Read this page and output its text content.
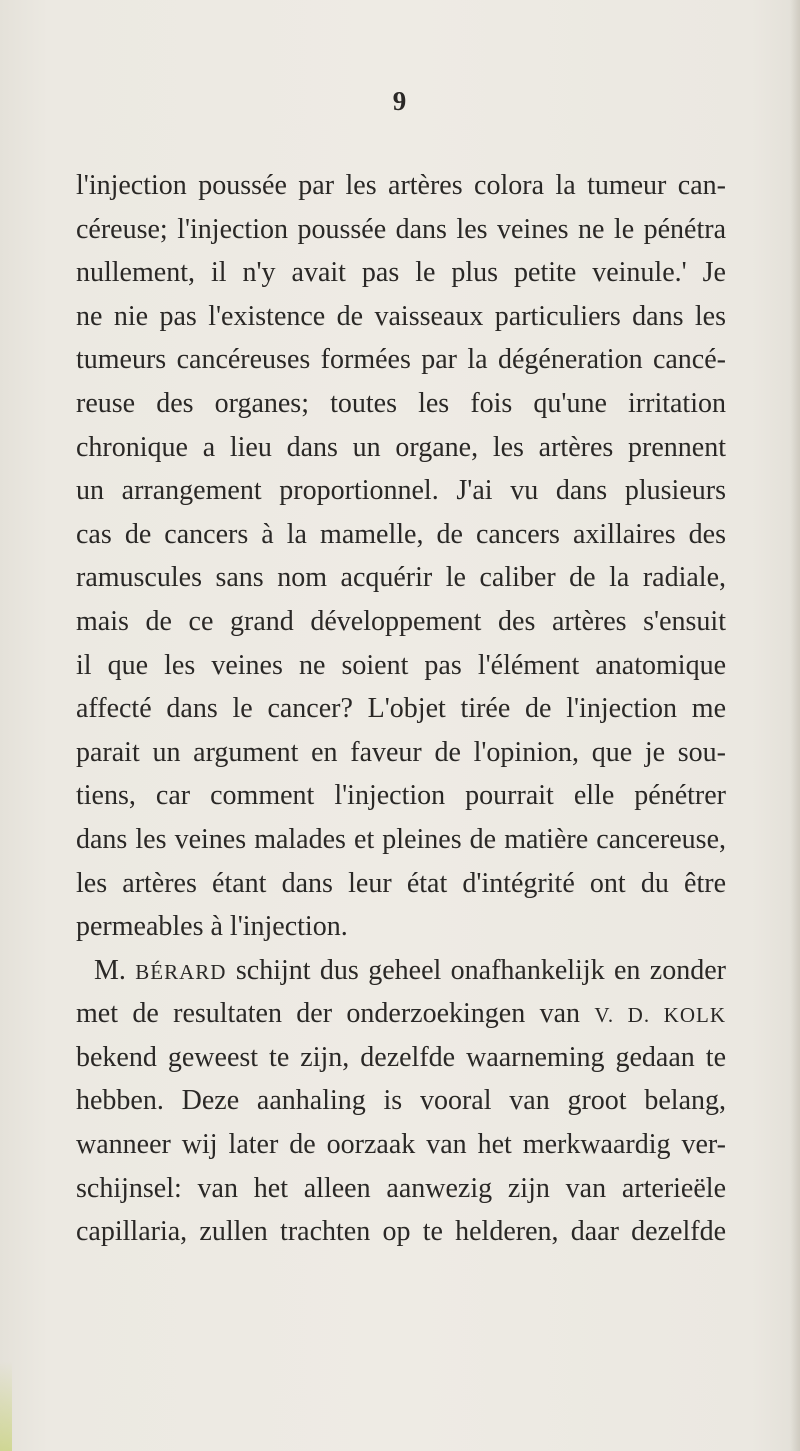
9
l'injection poussée par les artères colora la tumeur can-
céreuse; l'injection poussée dans les veines ne le pénétra
nullement, il n'y avait pas le plus petite veinule.' Je
ne nie pas l'existence de vaisseaux particuliers dans les
tumeurs cancéreuses formées par la dégéneration cancé-
reuse des organes; toutes les fois qu'une irritation
chronique a lieu dans un organe, les artères prennent
un arrangement proportionnel. J'ai vu dans plusieurs
cas de cancers à la mamelle, de cancers axillaires des
ramuscules sans nom acquérir le caliber de la radiale,
mais de ce grand développement des artères s'ensuit
il que les veines ne soient pas l'élément anatomique
affecté dans le cancer? L'objet tirée de l'injection me
parait un argument en faveur de l'opinion, que je sou-
tiens, car comment l'injection pourrait elle pénétrer
dans les veines malades et pleines de matière cancereuse,
les artères étant dans leur état d'intégrité ont du être
permeables à l'injection.
M. BÉRARD schijnt dus geheel onafhankelijk en zonder
met de resultaten der onderzoekingen van V. D. KOLK
bekend geweest te zijn, dezelfde waarneming gedaan te
hebben. Deze aanhaling is vooral van groot belang,
wanneer wij later de oorzaak van het merkwaardig ver-
schijnsel: van het alleen aanwezig zijn van arterieële
capillaria, zullen trachten op te helderen, daar dezelfde
